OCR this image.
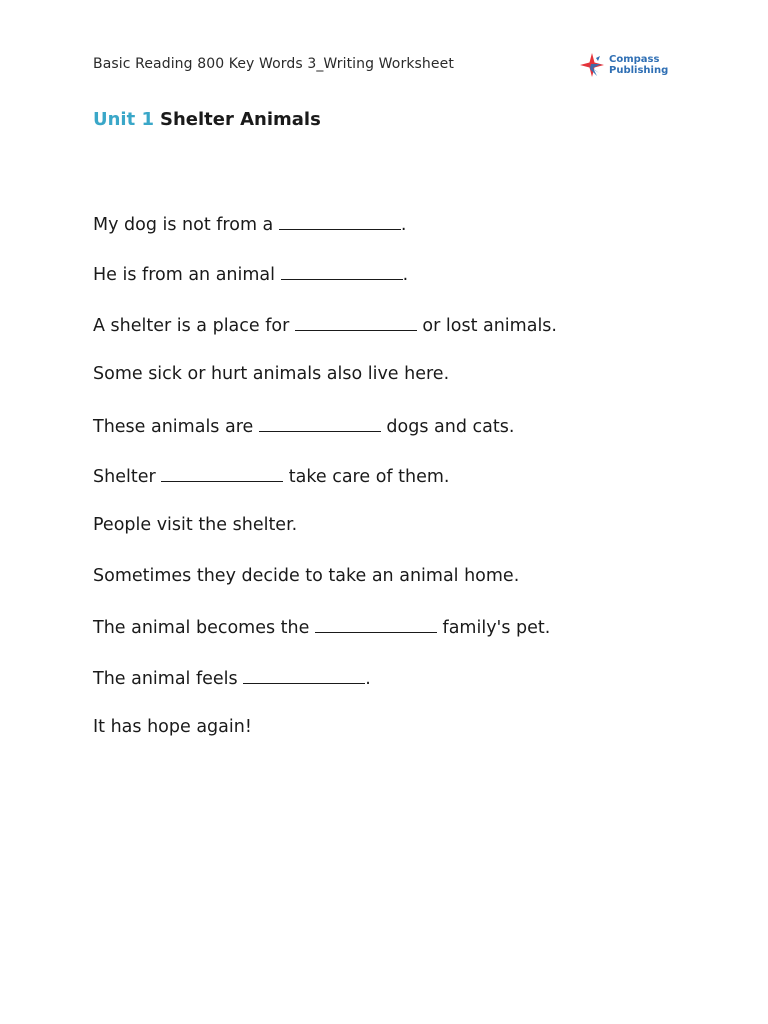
Basic Reading 800 Key Words 3_Writing Worksheet	Compass
Publishing
Unit 1 Shelter Animals
My dog is not from a	.
He is from an animal	.
A shelter is a place for	or lost animals.
Some sick or hurt animals also live here.
These animals are	dogs and cats.
Shelter	take care of them.
People visit the shelter.
Sometimes they decide to take an animal home.
The animal becomes the	family's pet.
The animal feels	.
It has hope again!
